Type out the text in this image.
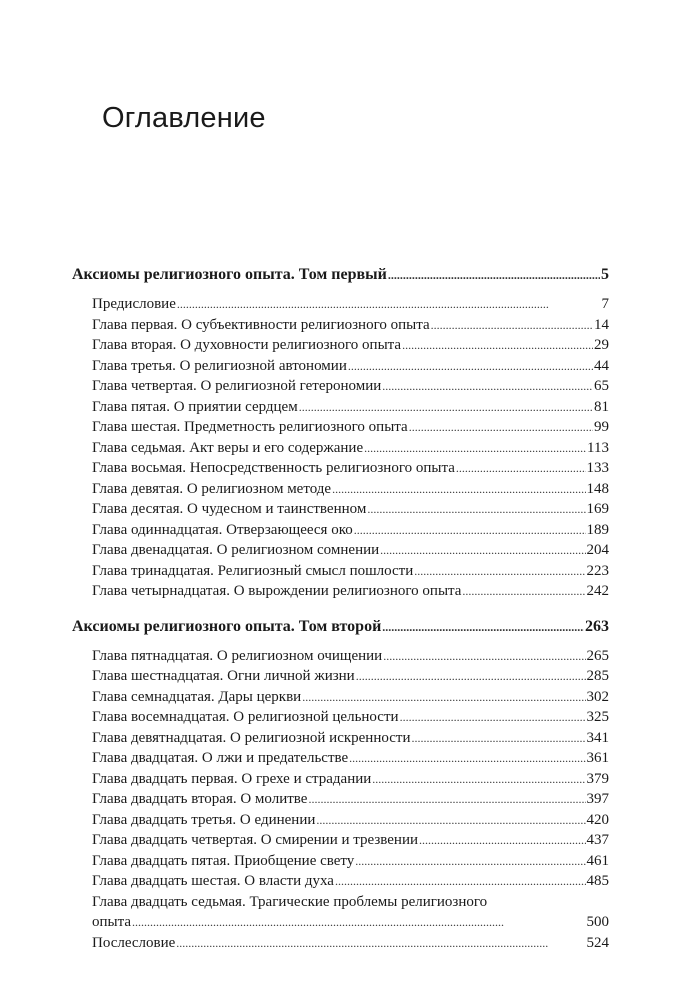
Оглавление
Аксиомы религиозного опыта. Том первый . . .	5
Предисловие . . .	7
Глава первая. О субъективности религиозного опыта . . .	14
Глава вторая. О духовности религиозного опыта . . .	29
Глава третья. О религиозной автономии . . .	44
Глава четвертая. О религиозной гетерономии . . .	65
Глава пятая. О приятии сердцем . . .	81
Глава шестая. Предметность религиозного опыта . . .	99
Глава седьмая. Акт веры и его содержание . . .	113
Глава восьмая. Непосредственность религиозного опыта . . .	133
Глава девятая. О религиозном методе . . .	148
Глава десятая. О чудесном и таинственном . . .	169
Глава одиннадцатая. Отверзающееся око . . .	189
Глава двенадцатая. О религиозном сомнении . . .	204
Глава тринадцатая. Религиозный смысл пошлости . . .	223
Глава четырнадцатая. О вырождении религиозного опыта . . .	242
Аксиомы религиозного опыта. Том второй . . .	263
Глава пятнадцатая. О религиозном очищении . . .	265
Глава шестнадцатая. Огни личной жизни . . .	285
Глава семнадцатая. Дары церкви . . .	302
Глава восемнадцатая. О религиозной цельности . . .	325
Глава девятнадцатая. О религиозной искренности . . .	341
Глава двадцатая. О лжи и предательстве . . .	361
Глава двадцать первая. О грехе и страдании . . .	379
Глава двадцать вторая. О молитве . . .	397
Глава двадцать третья. О единении . . .	420
Глава двадцать четвертая. О смирении и трезвении . . .	437
Глава двадцать пятая. Приобщение свету . . .	461
Глава двадцать шестая. О власти духа . . .	485
Глава двадцать седьмая. Трагические проблемы религиозного
опыта . . .	500
Послесловие . . .	524
